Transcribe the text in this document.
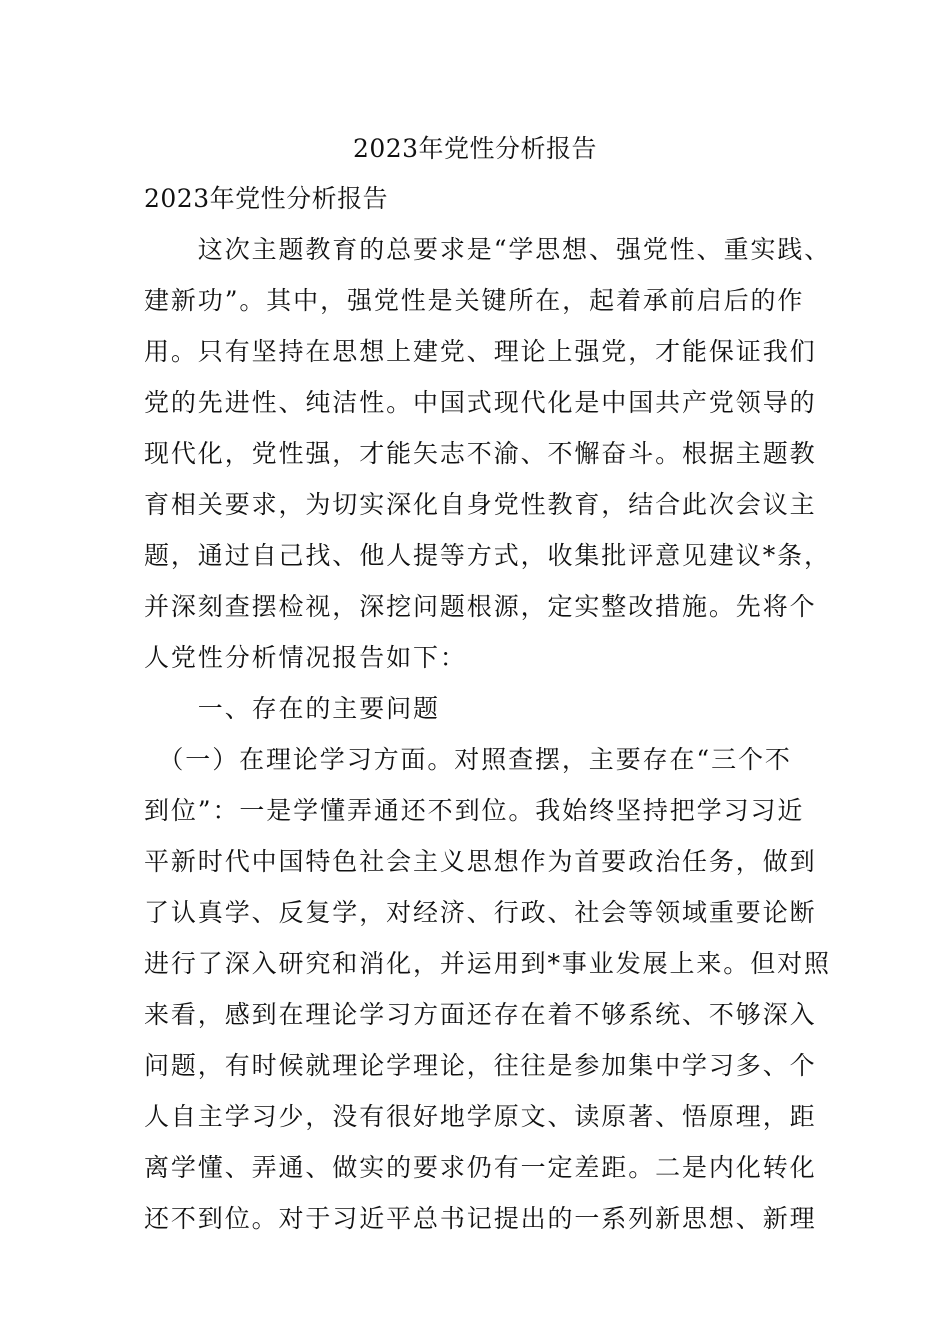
2023年党性分析报告
2023年党性分析报告
　　这次主题教育的总要求是“学思想、强党性、重实践、
建新功”。其中，强党性是关键所在，起着承前启后的作
用。只有坚持在思想上建党、理论上强党，才能保证我们
党的先进性、纯洁性。中国式现代化是中国共产党领导的
现代化，党性强，才能矢志不渝、不懈奋斗。根据主题教
育相关要求，为切实深化自身党性教育，结合此次会议主
题，通过自己找、他人提等方式，收集批评意见建议*条，
并深刻查摆检视，深挖问题根源，定实整改措施。先将个
人党性分析情况报告如下：
　　一、存在的主要问题
　（一）在理论学习方面。对照查摆，主要存在“三个不
到位”：一是学懂弄通还不到位。我始终坚持把学习习近
平新时代中国特色社会主义思想作为首要政治任务，做到
了认真学、反复学，对经济、行政、社会等领域重要论断
进行了深入研究和消化，并运用到*事业发展上来。但对照
来看，感到在理论学习方面还存在着不够系统、不够深入
问题，有时候就理论学理论，往往是参加集中学习多、个
人自主学习少，没有很好地学原文、读原著、悟原理，距
离学懂、弄通、做实的要求仍有一定差距。二是内化转化
还不到位。对于习近平总书记提出的一系列新思想、新理
